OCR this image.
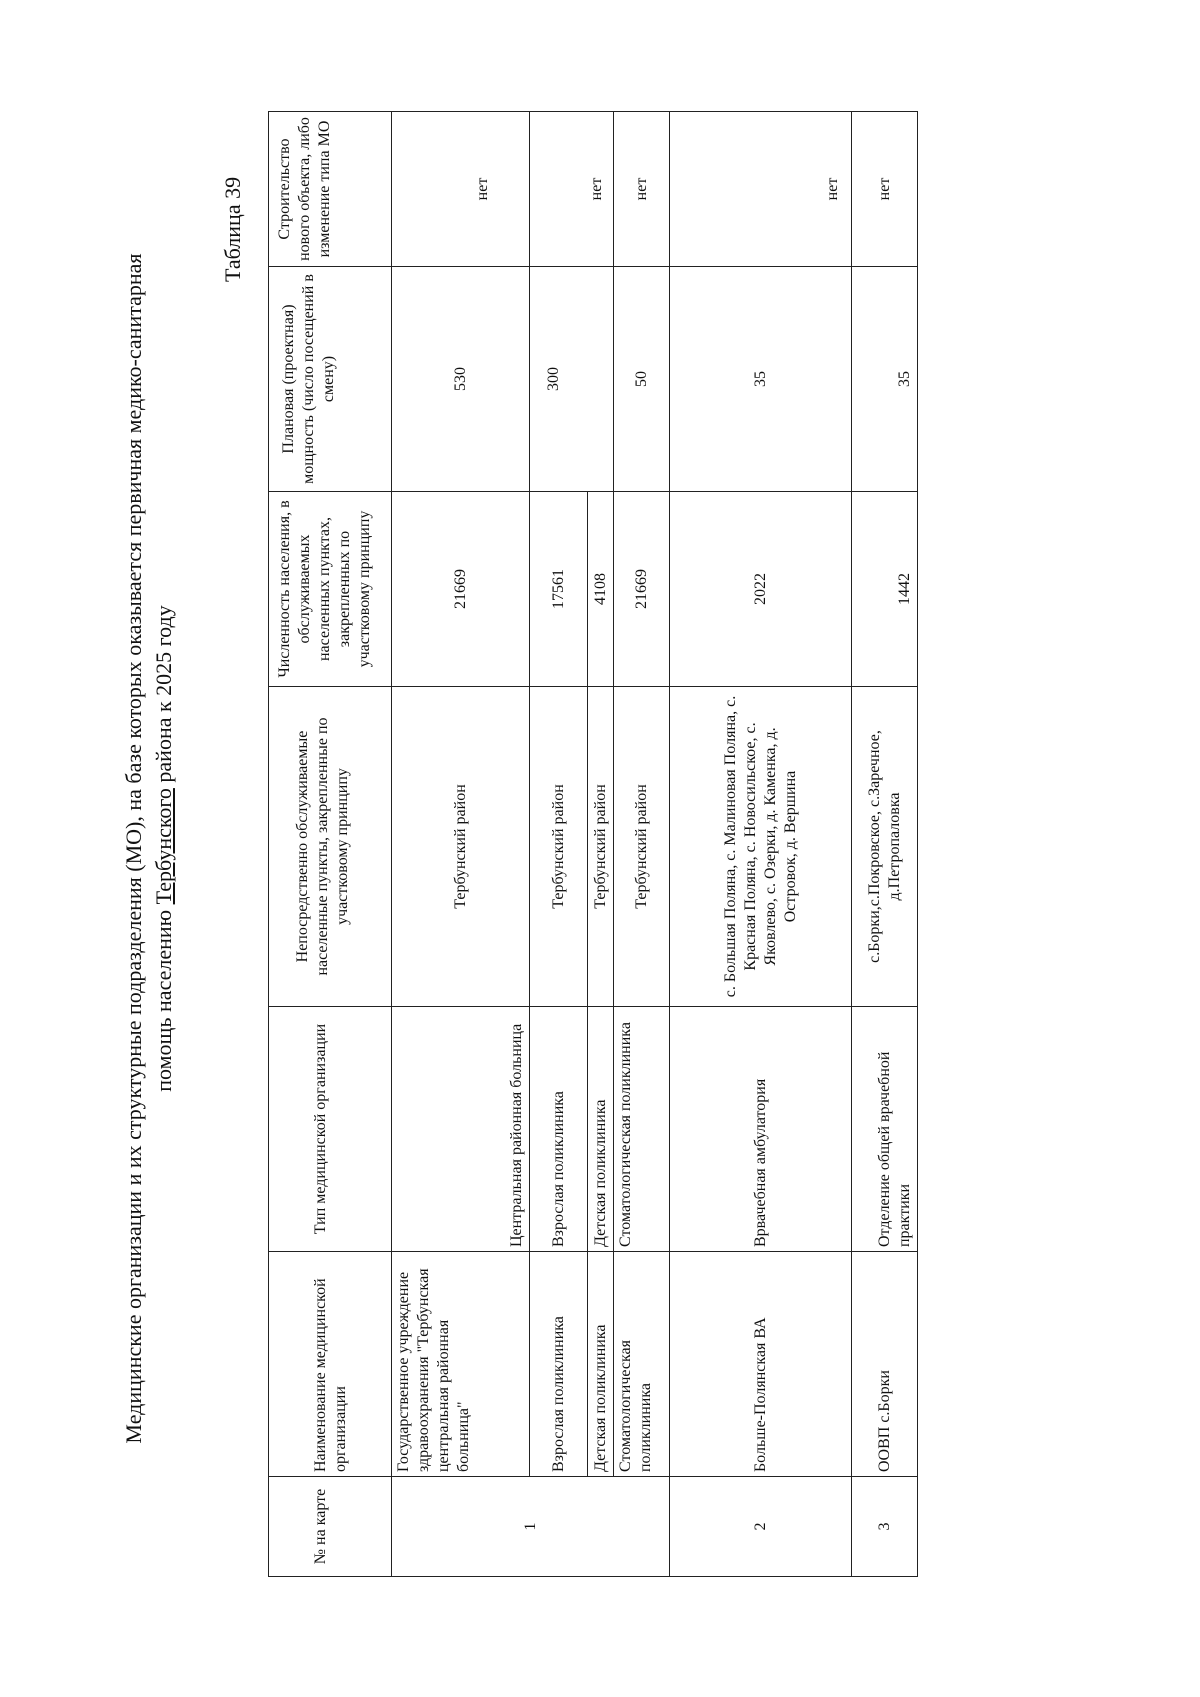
Медицинские организации и их структурные подразделения (МО), на базе которых оказывается первичная медико-санитарная помощь населению Тербунского района к 2025 году
Таблица 39
№ на карте	Наименование медицинской организации	Тип медицинской организации	Непосредственно обслуживаемые населенные пункты, закрепленные по участковому принципу	Численность населения, в обслуживаемых населенных пунктах, закрепленных по участковому принципу	Плановая (проектная) мощность (число посещений в смену)	Строительство нового объекта, либо изменение типа МО
1	Государственное учреждение здравоохранения "Тербунская центральная районная больница"	Центральная районная больница	Тербунский район	21669	530	нет
	Взрослая поликлиника	Взрослая поликлиника	Тербунский район	17561	300	нет
	Детская поликлиника	Детская поликлиника	Тербунский район	4108		
	Стоматологическая поликлиника	Стоматологическая поликлиника	Тербунский район	21669	50	нет
2	Больше-Полянская ВА	Врвачебная амбулатория	с. Большая Поляна, с. Малиновая Поляна, с. Красная Поляна, с. Новосильское, с. Яковлево, с. Озерки, д. Каменка, д. Островок, д. Вершина	2022	35	нет
3	ООВП с.Борки	Отделение общей врачебной практики	с.Борки,с.Покровское, с.Заречное, д.Петропаловка	1442	35	нет
